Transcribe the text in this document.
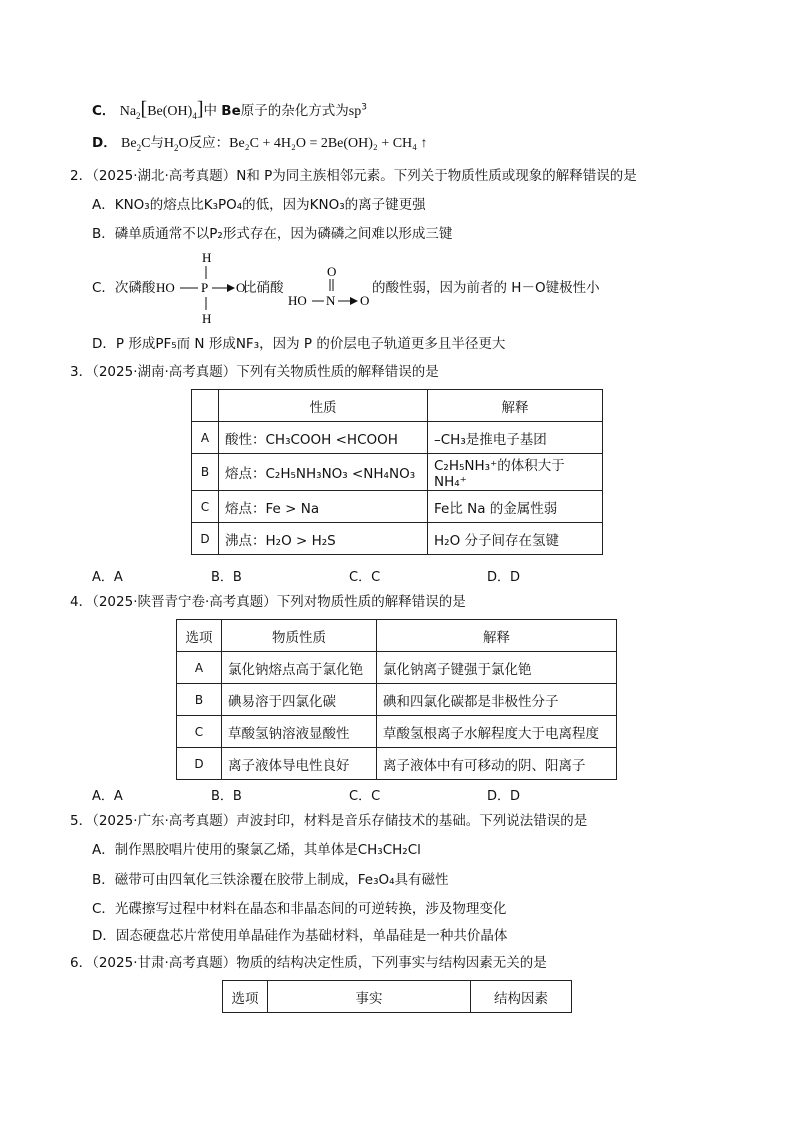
C． $Na_2[Be(OH)_4]$中 Be原子的杂化方式为$sp^3$
D． $Be_2C$与$H_2O$反应：Be₂C + 4H₂O = 2Be(OH)₂ + CH₄ ↑
2．（2025·湖北·高考真题）N和 P为同主族相邻元素。下列关于物质性质或现象的解释错误的是
A．KNO₃的熔点比K₃PO₄的低，因为KNO₃的离子键更强
B．磷单质通常不以P₂形式存在，因为磷磷之间难以形成三键
C．次磷酸
H
HO P O
H
比硝酸
O
HO N O
的酸性弱，因为前者的 H－O键极性小
D．P 形成PF₅而 N 形成NF₃，因为 P 的价层电子轨道更多且半径更大
3．（2025·湖南·高考真题）下列有关物质性质的解释错误的是
	性质	解释
A	酸性：CH₃COOH <HCOOH	–CH₃是推电子基团
B	熔点：C₂H₅NH₃NO₃ <NH₄NO₃	C₂H₅NH₃⁺的体积大于NH₄⁺
C	熔点：Fe > Na	Fe比 Na 的金属性弱
D	沸点：H₂O > H₂S	H₂O 分子间存在氢键
A．A	B．B	C．C	D．D
4．（2025·陕晋青宁卷·高考真题）下列对物质性质的解释错误的是
选项	物质性质	解释
A	氯化钠熔点高于氯化铯	氯化钠离子键强于氯化铯
B	碘易溶于四氯化碳	碘和四氯化碳都是非极性分子
C	草酸氢钠溶液显酸性	草酸氢根离子水解程度大于电离程度
D	离子液体导电性良好	离子液体中有可移动的阴、阳离子
A．A	B．B	C．C	D．D
5．（2025·广东·高考真题）声波封印，材料是音乐存储技术的基础。下列说法错误的是
A．制作黑胶唱片使用的聚氯乙烯，其单体是CH₃CH₂Cl
B．磁带可由四氧化三铁涂覆在胶带上制成，Fe₃O₄具有磁性
C．光碟擦写过程中材料在晶态和非晶态间的可逆转换，涉及物理变化
D．固态硬盘芯片常使用单晶硅作为基础材料，单晶硅是一种共价晶体
6．（2025·甘肃·高考真题）物质的结构决定性质，下列事实与结构因素无关的是
选项	事实	结构因素
